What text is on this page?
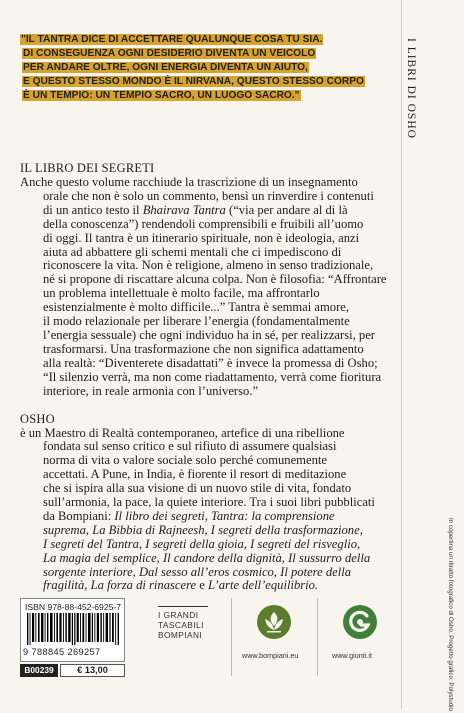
I LIBRI DI OSHO
In copertina un ritratto fotografico di Osho. Progetto grafico: Polystudio.
"IL TANTRA DICE DI ACCETTARE QUALUNQUE COSA TU SIA.
DI CONSEGUENZA OGNI DESIDERIO DIVENTA UN VEICOLO
PER ANDARE OLTRE, OGNI ENERGIA DIVENTA UN AIUTO,
E QUESTO STESSO MONDO È IL NIRVANA, QUESTO STESSO CORPO
È UN TEMPIO: UN TEMPIO SACRO, UN LUOGO SACRO."
IL LIBRO DEI SEGRETI
Anche questo volume racchiude la trascrizione di un insegnamento
orale che non è solo un commento, bensì un rinverdire i contenuti
di un antico testo il Bhairava Tantra (“via per andare al di là
della conoscenza”) rendendoli comprensibili e fruibili all’uomo
di oggi. Il tantra è un itinerario spirituale, non è ideologia, anzi
aiuta ad abbattere gli schemi mentali che ci impediscono di
riconoscere la vita. Non è religione, almeno in senso tradizionale,
né si propone di riscattare alcuna colpa. Non è filosofia: “Affrontare
un problema intellettuale è molto facile, ma affrontarlo
esistenzialmente è molto difficile...” Tantra è semmai amore,
il modo relazionale per liberare l’energia (fondamentalmente
l’energia sessuale) che ogni individuo ha in sé, per realizzarsi, per
trasformarsi. Una trasformazione che non significa adattamento
alla realtà: “Diventerete disadattati” è invece la promessa di Osho;
“Il silenzio verrà, ma non come riadattamento, verrà come fioritura
interiore, in reale armonia con l’universo.”
OSHO
è un Maestro di Realtà contemporaneo, artefice di una ribellione
fondata sul senso critico e sul rifiuto di assumere qualsiasi
norma di vita o valore sociale solo perché comunemente
accettati. A Pune, in India, è fiorente il resort di meditazione
che si ispira alla sua visione di un nuovo stile di vita, fondato
sull’armonia, la pace, la quiete interiore. Tra i suoi libri pubblicati
da Bompiani: Il libro dei segreti, Tantra: la comprensione
suprema, La Bibbia di Rajneesh, I segreti della trasformazione,
I segreti del Tantra, I segreti della gioia, I segreti del risveglio,
La magia del semplice, Il candore della dignità, Il sussurro della
sorgente interiore, Dal sesso all’eros cosmico, Il potere della
fragilità, La forza di rinascere e L’arte dell’equilibrio.
ISBN 978-88-452-6925-7
9 788845 269257
B00239	€ 13,00
I GRANDI
TASCABILI
BOMPIANI
www.bompiani.eu	www.giunti.it
